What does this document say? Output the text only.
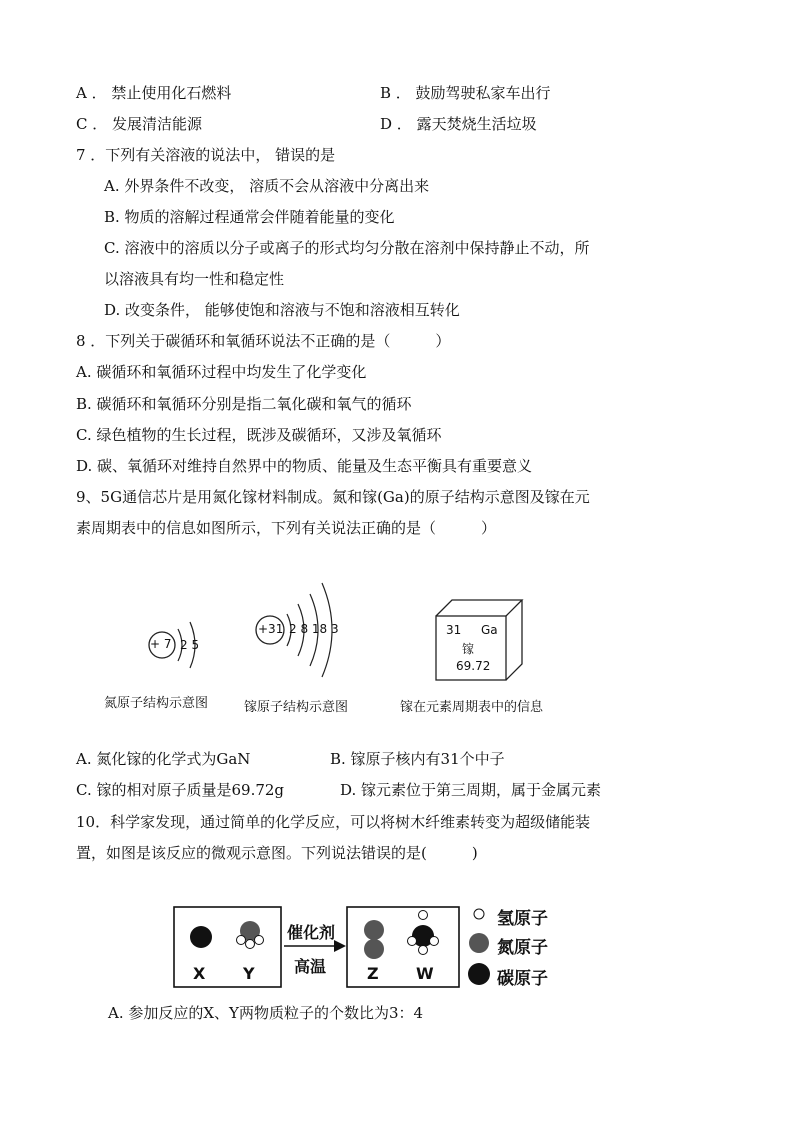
A ． 禁止使用化石燃料	B ． 鼓励驾驶私家车出行
C ． 发展清洁能源	D ． 露天焚烧生活垃圾
7 ．下列有关溶液的说法中， 错误的是
A. 外界条件不改变， 溶质不会从溶液中分离出来
B. 物质的溶解过程通常会伴随着能量的变化
C. 溶液中的溶质以分子或离子的形式均匀分散在溶剂中保持静止不动，所
以溶液具有均一性和稳定性
D. 改变条件， 能够使饱和溶液与不饱和溶液相互转化
8 ．下列关于碳循环和氧循环说法不正确的是（　　　）
A. 碳循环和氧循环过程中均发生了化学变化
B. 碳循环和氧循环分别是指二氧化碳和氧气的循环
C. 绿色植物的生长过程，既涉及碳循环，又涉及氧循环
D. 碳、氧循环对维持自然界中的物质、能量及生态平衡具有重要意义
9、5G通信芯片是用氮化镓材料制成。氮和镓(Ga)的原子结构示意图及镓在元
素周期表中的信息如图所示，下列有关说法正确的是（　　　）
+ 7 2 5
氮原子结构示意图
+31 2 8 18 3
镓原子结构示意图
31 Ga
镓
69.72
镓在元素周期表中的信息
A. 氮化镓的化学式为GaN	B. 镓原子核内有31个中子
C. 镓的相对原子质量是69.72g	D. 镓元素位于第三周期，属于金属元素
10．科学家发现，通过简单的化学反应，可以将树木纤维素转变为超级储能装
置，如图是该反应的微观示意图。下列说法错误的是(　　　)
催化剂
高温
X Y	Z W
氢原子
氮原子
碳原子
A. 参加反应的X、Y两物质粒子的个数比为3：4
